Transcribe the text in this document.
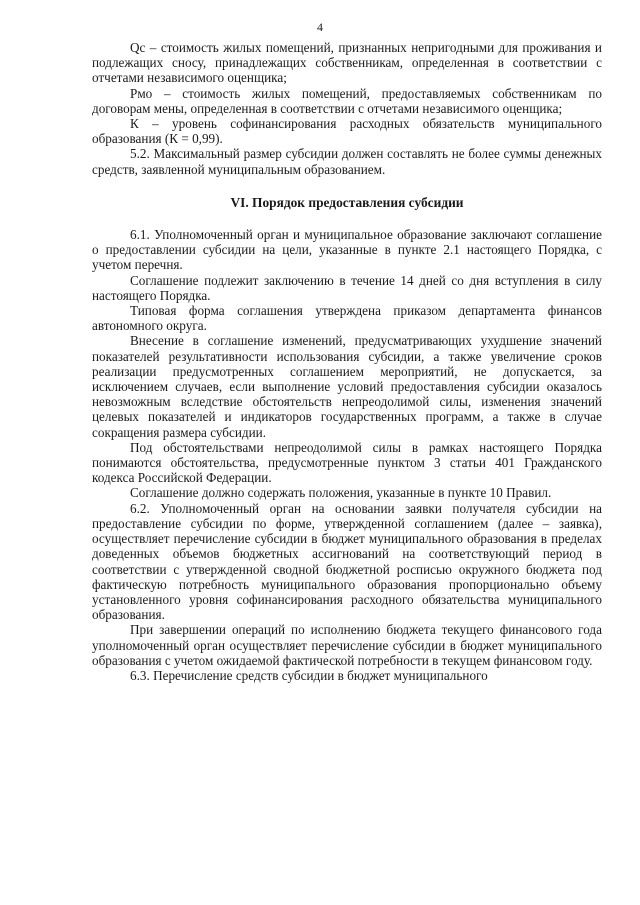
4

Qc – стоимость жилых помещений, признанных непригодными для проживания и подлежащих сносу, принадлежащих собственникам, определенная в соответствии с отчетами независимого оценщика;

Pмо – стоимость жилых помещений, предоставляемых собственникам по договорам мены, определенная в соответствии с отчетами независимого оценщика;

К – уровень софинансирования расходных обязательств муниципального образования (К = 0,99).

5.2. Максимальный размер субсидии должен составлять не более суммы денежных средств, заявленной муниципальным образованием.

VI. Порядок предоставления субсидии

6.1. Уполномоченный орган и муниципальное образование заключают соглашение о предоставлении субсидии на цели, указанные в пункте 2.1 настоящего Порядка, с учетом перечня.

Соглашение подлежит заключению в течение 14 дней со дня вступления в силу настоящего Порядка.

Типовая форма соглашения утверждена приказом департамента финансов автономного округа.

Внесение в соглашение изменений, предусматривающих ухудшение значений показателей результативности использования субсидии, а также увеличение сроков реализации предусмотренных соглашением мероприятий, не допускается, за исключением случаев, если выполнение условий предоставления субсидии оказалось невозможным вследствие обстоятельств непреодолимой силы, изменения значений целевых показателей и индикаторов государственных программ, а также в случае сокращения размера субсидии.

Под обстоятельствами непреодолимой силы в рамках настоящего Порядка понимаются обстоятельства, предусмотренные пунктом 3 статьи 401 Гражданского кодекса Российской Федерации.

Соглашение должно содержать положения, указанные в пункте 10 Правил.

6.2. Уполномоченный орган на основании заявки получателя субсидии на предоставление субсидии по форме, утвержденной соглашением (далее – заявка), осуществляет перечисление субсидии в бюджет муниципального образования в пределах доведенных объемов бюджетных ассигнований на соответствующий период в соответствии с утвержденной сводной бюджетной росписью окружного бюджета под фактическую потребность муниципального образования пропорционально объему установленного уровня софинансирования расходного обязательства муниципального образования.

При завершении операций по исполнению бюджета текущего финансового года уполномоченный орган осуществляет перечисление субсидии в бюджет муниципального образования с учетом ожидаемой фактической потребности в текущем финансовом году.

6.3. Перечисление средств субсидии в бюджет муниципального
